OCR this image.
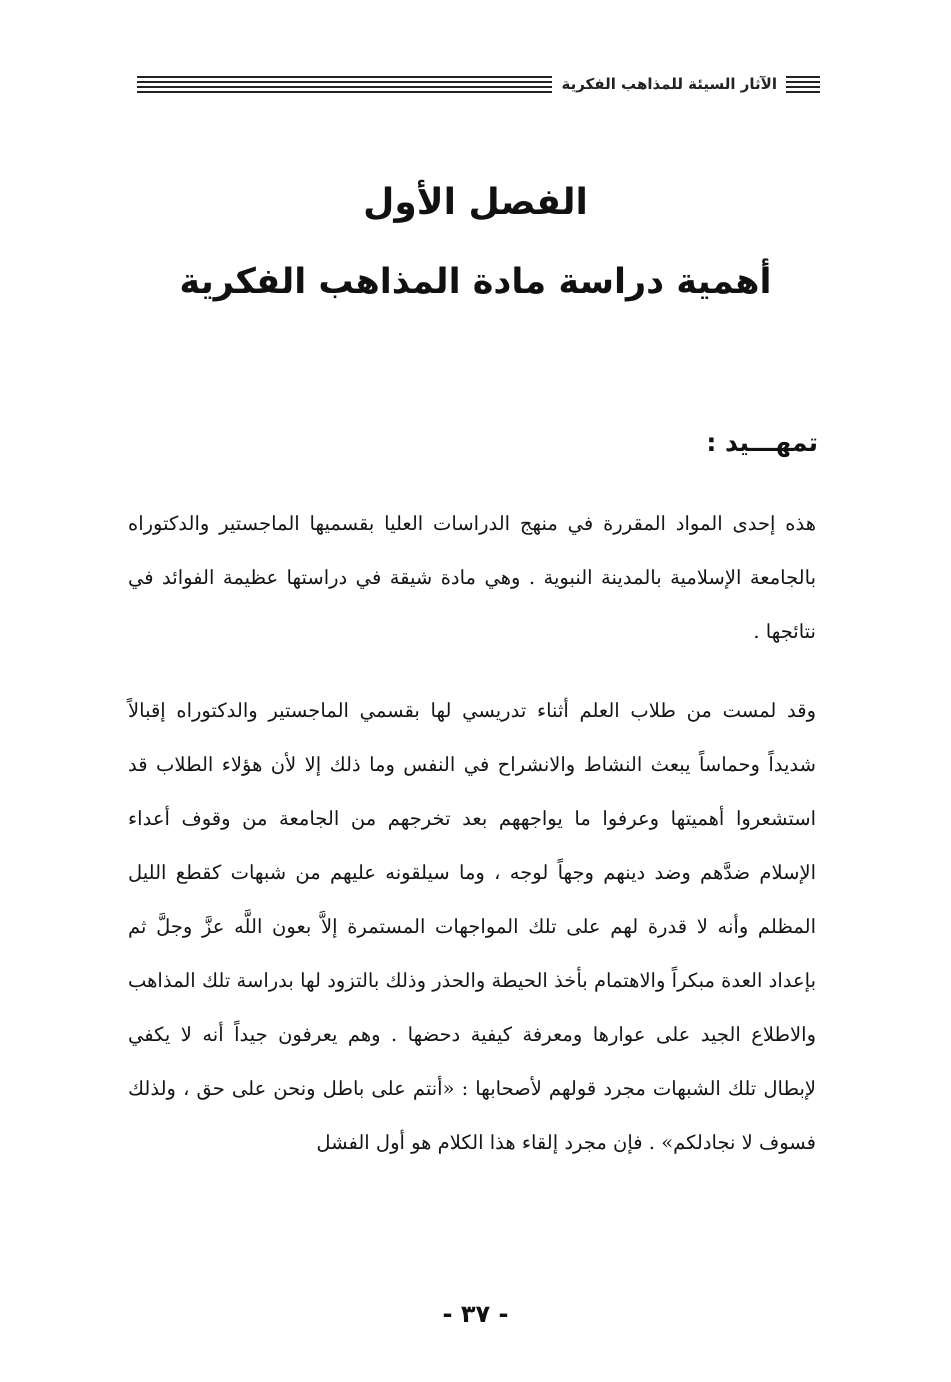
الآثار السيئة للمذاهب الفكرية
الفصل الأول
أهمية دراسة مادة المذاهب الفكرية
تمهـــيد :

هذه إحدى المواد المقررة في منهج الدراسات العليا بقسميها الماجستير والدكتوراه بالجامعة الإسلامية بالمدينة النبوية . وهي مادة شيقة في دراستها عظيمة الفوائد في نتائجها .

وقد لمست من طلاب العلم أثناء تدريسي لها بقسمي الماجستير والدكتوراه إقبالاً شديداً وحماساً يبعث النشاط والانشراح في النفس وما ذلك إلا لأن هؤلاء الطلاب قد استشعروا أهميتها وعرفوا ما يواجههم بعد تخرجهم من الجامعة من وقوف أعداء الإسلام ضدَّهم وضد دينهم وجهاً لوجه ، وما سيلقونه عليهم من شبهات كقطع الليل المظلم وأنه لا قدرة لهم على تلك المواجهات المستمرة إلاَّ بعون اللَّه عزَّ وجلَّ ثم بإعداد العدة مبكراً والاهتمام بأخذ الحيطة والحذر وذلك بالتزود لها بدراسة تلك المذاهب والاطلاع الجيد على عوارها ومعرفة كيفية دحضها . وهم يعرفون جيداً أنه لا يكفي لإبطال تلك الشبهات مجرد قولهم لأصحابها : «أنتم على باطل ونحن على حق ، ولذلك فسوف لا نجادلكم» . فإن مجرد إلقاء هذا الكلام هو أول الفشل

- ٣٧ -
